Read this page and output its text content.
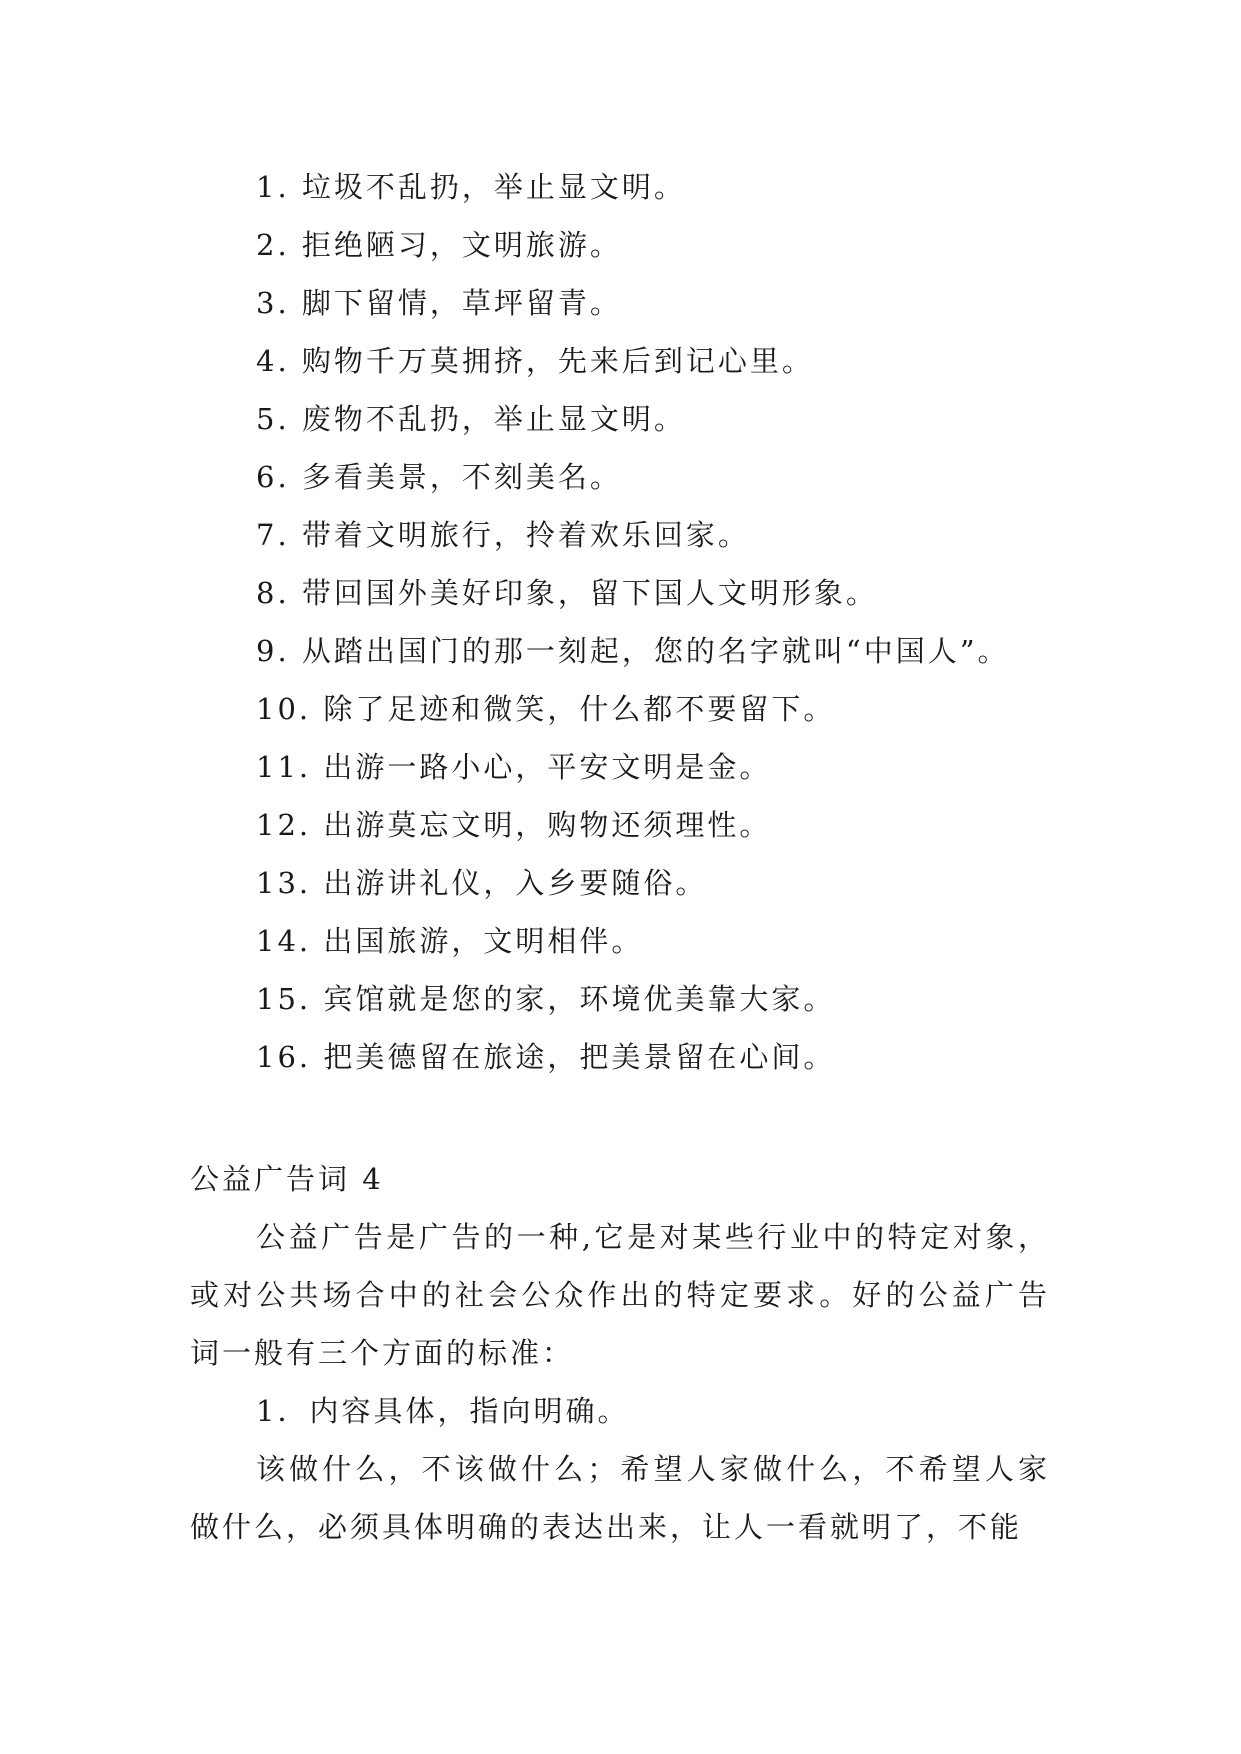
1. 垃圾不乱扔，举止显文明。
2. 拒绝陋习，文明旅游。
3. 脚下留情，草坪留青。
4. 购物千万莫拥挤，先来后到记心里。
5. 废物不乱扔，举止显文明。
6. 多看美景，不刻美名。
7. 带着文明旅行，拎着欢乐回家。
8. 带回国外美好印象，留下国人文明形象。
9. 从踏出国门的那一刻起，您的名字就叫“中国人”。
10. 除了足迹和微笑，什么都不要留下。
11. 出游一路小心，平安文明是金。
12. 出游莫忘文明，购物还须理性。
13. 出游讲礼仪，入乡要随俗。
14. 出国旅游，文明相伴。
15. 宾馆就是您的家，环境优美靠大家。
16. 把美德留在旅途，把美景留在心间。
公益广告词 4

公益广告是广告的一种,它是对某些行业中的特定对象，或对公共场合中的社会公众作出的特定要求。好的公益广告词一般有三个方面的标准：

1．内容具体，指向明确。

该做什么，不该做什么；希望人家做什么，不希望人家做什么，必须具体明确的表达出来，让人一看就明了，不能
